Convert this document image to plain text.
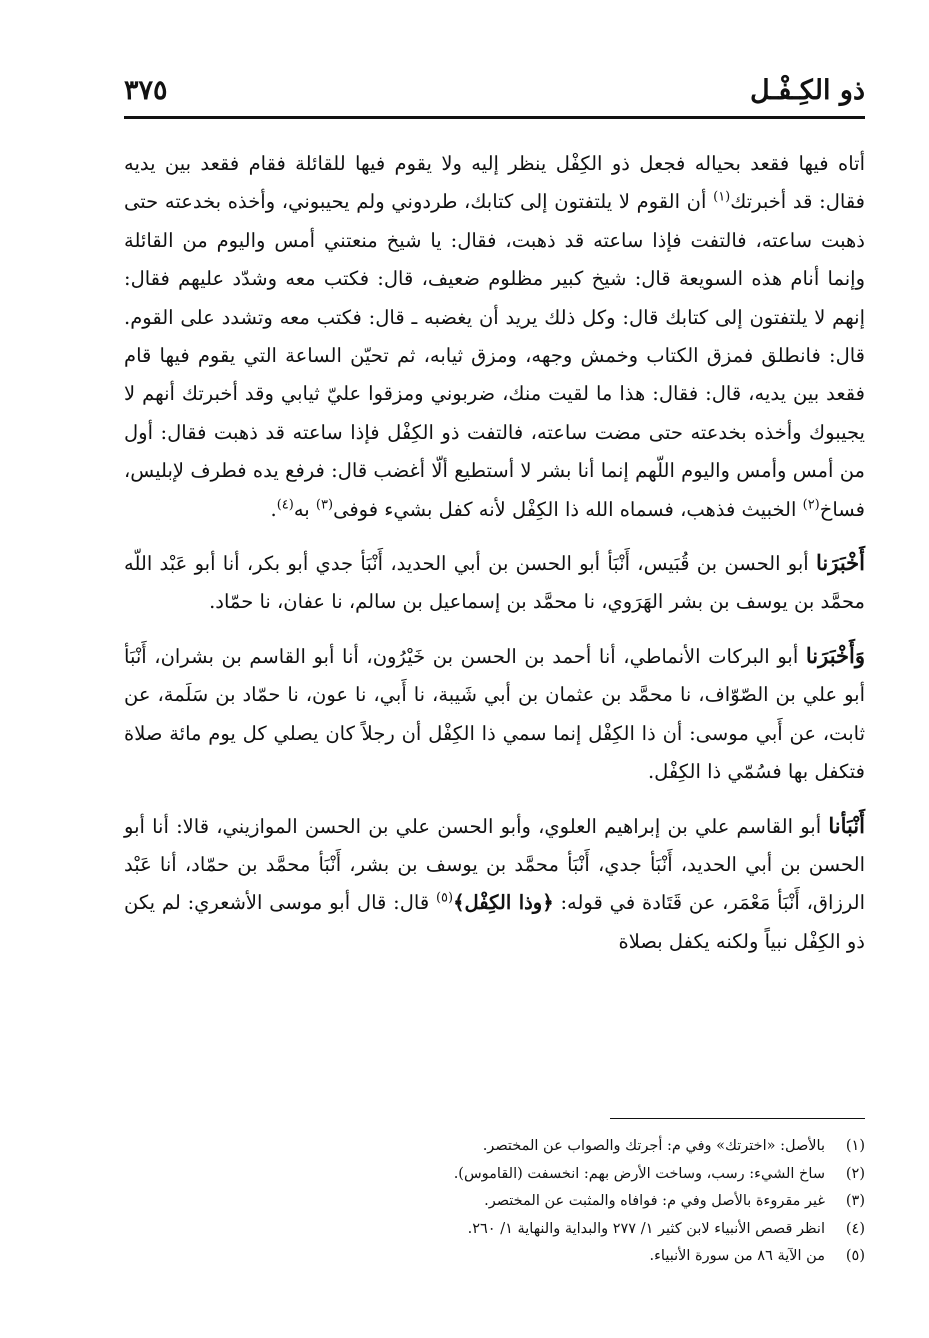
ذو الكِـفْـل
٣٧٥

أتاه فيها فقعد بحياله فجعل ذو الكِفْل ينظر إليه ولا يقوم فيها للقائلة فقام فقعد بين يديه فقال: قد أخبرتك$^{(١)}$ أن القوم لا يلتفتون إلى كتابك، طردوني ولم يحيبوني، وأخذه بخدعته حتى ذهبت ساعته، فالتفت فإذا ساعته قد ذهبت، فقال: يا شيخ منعتني أمس واليوم من القائلة وإنما أنام هذه السويعة قال: شيخ كبير مظلوم ضعيف، قال: فكتب معه وشدّد عليهم فقال: إنهم لا يلتفتون إلى كتابك قال: وكل ذلك يريد أن يغضبه ـ قال: فكتب معه وتشدد على القوم. قال: فانطلق فمزق الكتاب وخمش وجهه، ومزق ثيابه، ثم تحيّن الساعة التي يقوم فيها قام فقعد بين يديه، قال: فقال: هذا ما لقيت منك، ضربوني ومزقوا عليّ ثيابي وقد أخبرتك أنهم لا يجيبوك وأخذه بخدعته حتى مضت ساعته، فالتفت ذو الكِفْل فإذا ساعته قد ذهبت فقال: أول من أمس وأمس واليوم اللّهم إنما أنا بشر لا أستطيع ألّا أغضب قال: فرفع يده فطرف لإبليس، فساخ$^{(٢)}$ الخبيث فذهب، فسماه الله ذا الكِفْل لأنه كفل بشيء فوفى$^{(٣)}$ به$^{(٤)}$.

أَخْبَرَنا أبو الحسن بن قُبَيس، أَنْبَأ أبو الحسن بن أبي الحديد، أَنْبَأ جدي أبو بكر، أنا أبو عَبْد اللّه محمَّد بن يوسف بن بشر الهَرَوي، نا محمَّد بن إسماعيل بن سالم، نا عفان، نا حمّاد.

وَأَخْبَرَنا أبو البركات الأنماطي، أنا أحمد بن الحسن بن خَيْرُون، أنا أبو القاسم بن بشران، أَنْبَأ أبو علي بن الصّوّاف، نا محمَّد بن عثمان بن أبي شَيبة، نا أَبي، نا عون، نا حمّاد بن سَلَمة، عن ثابت، عن أَبي موسى: أن ذا الكِفْل إنما سمي ذا الكِفْل أن رجلاً كان يصلي كل يوم مائة صلاة فتكفل بها فسُمّي ذا الكِفْل.

أَنْبَأنا أبو القاسم علي بن إبراهيم العلوي، وأبو الحسن علي بن الحسن الموازيني، قالا: أنا أبو الحسن بن أبي الحديد، أَنْبَأ جدي، أَنْبَأ محمَّد بن يوسف بن بشر، أَنْبَأ محمَّد بن حمّاد، أنا عَبْد الرزاق، أَنْبَأ مَعْمَر، عن قَتَادة في قوله: ﴿وذا الكِفْل﴾$^{(٥)}$ قال: قال أبو موسى الأشعري: لم يكن ذو الكِفْل نبياً ولكنه يكفل بصلاة

(١)بالأصل: «اخترتك» وفي م: أجرتك والصواب عن المختصر.
(٢)ساخ الشيء: رسب، وساخت الأرض بهم: انخسفت (القاموس).
(٣)غير مقروءة بالأصل وفي م: فوافاه والمثبت عن المختصر.
(٤)انظر قصص الأنبياء لابن كثير ١/ ٢٧٧ والبداية والنهاية ١/ ٢٦٠.
(٥)من الآية ٨٦ من سورة الأنبياء.
